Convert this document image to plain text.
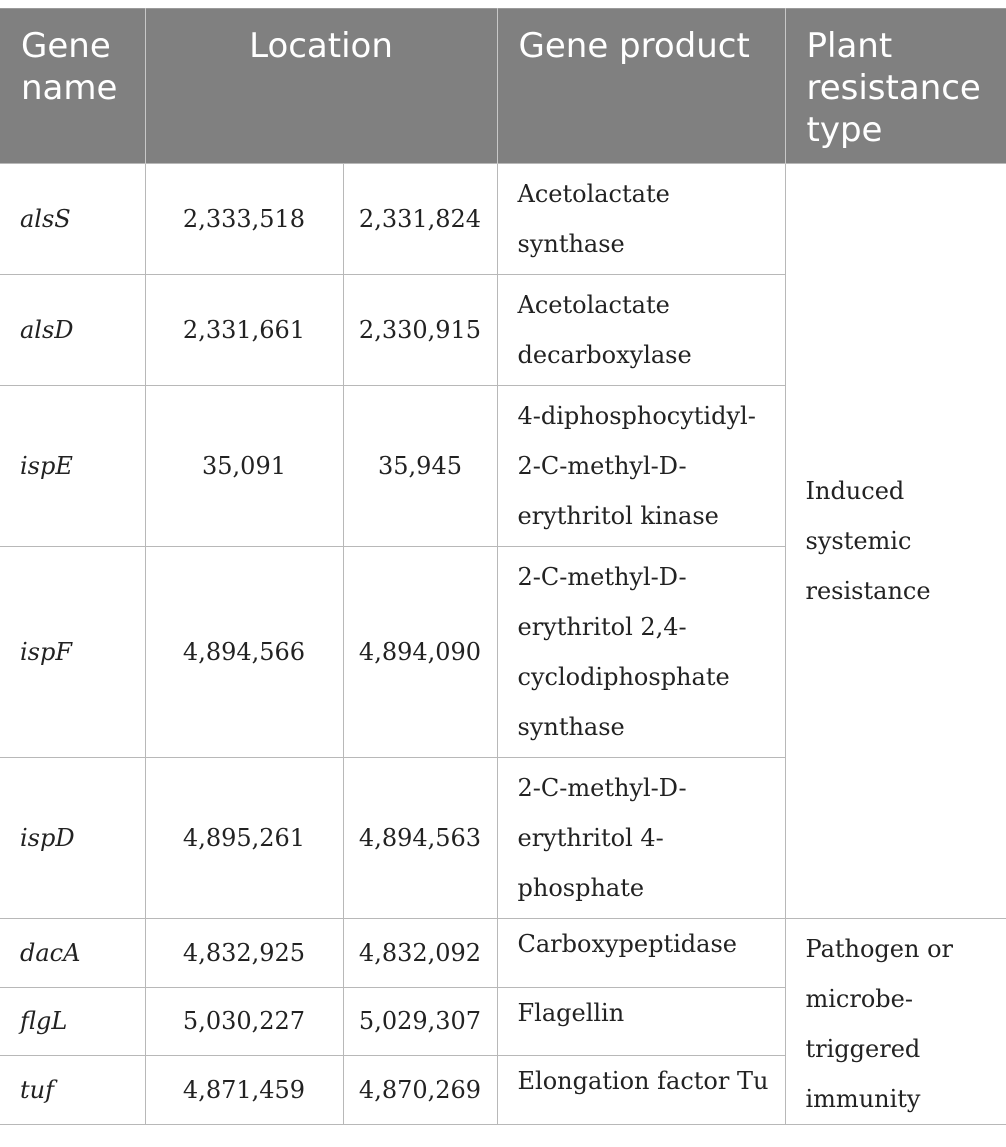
Gene name	Location		Gene product	Plant resistance type
alsS	2,333,518	2,331,824	Acetolactate synthase	Induced systemic resistance
alsD	2,331,661	2,330,915	Acetolactate decarboxylase	
ispE	35,091	35,945	4-diphosphocytidyl-2-C-methyl-D-erythritol kinase	
ispF	4,894,566	4,894,090	2-C-methyl-D-erythritol 2,4-cyclodiphosphate synthase	
ispD	4,895,261	4,894,563	2-C-methyl-D-erythritol 4-phosphate	
dacA	4,832,925	4,832,092	Carboxypeptidase	Pathogen or microbe-triggered immunity
flgL	5,030,227	5,029,307	Flagellin	
tuf	4,871,459	4,870,269	Elongation factor Tu	
